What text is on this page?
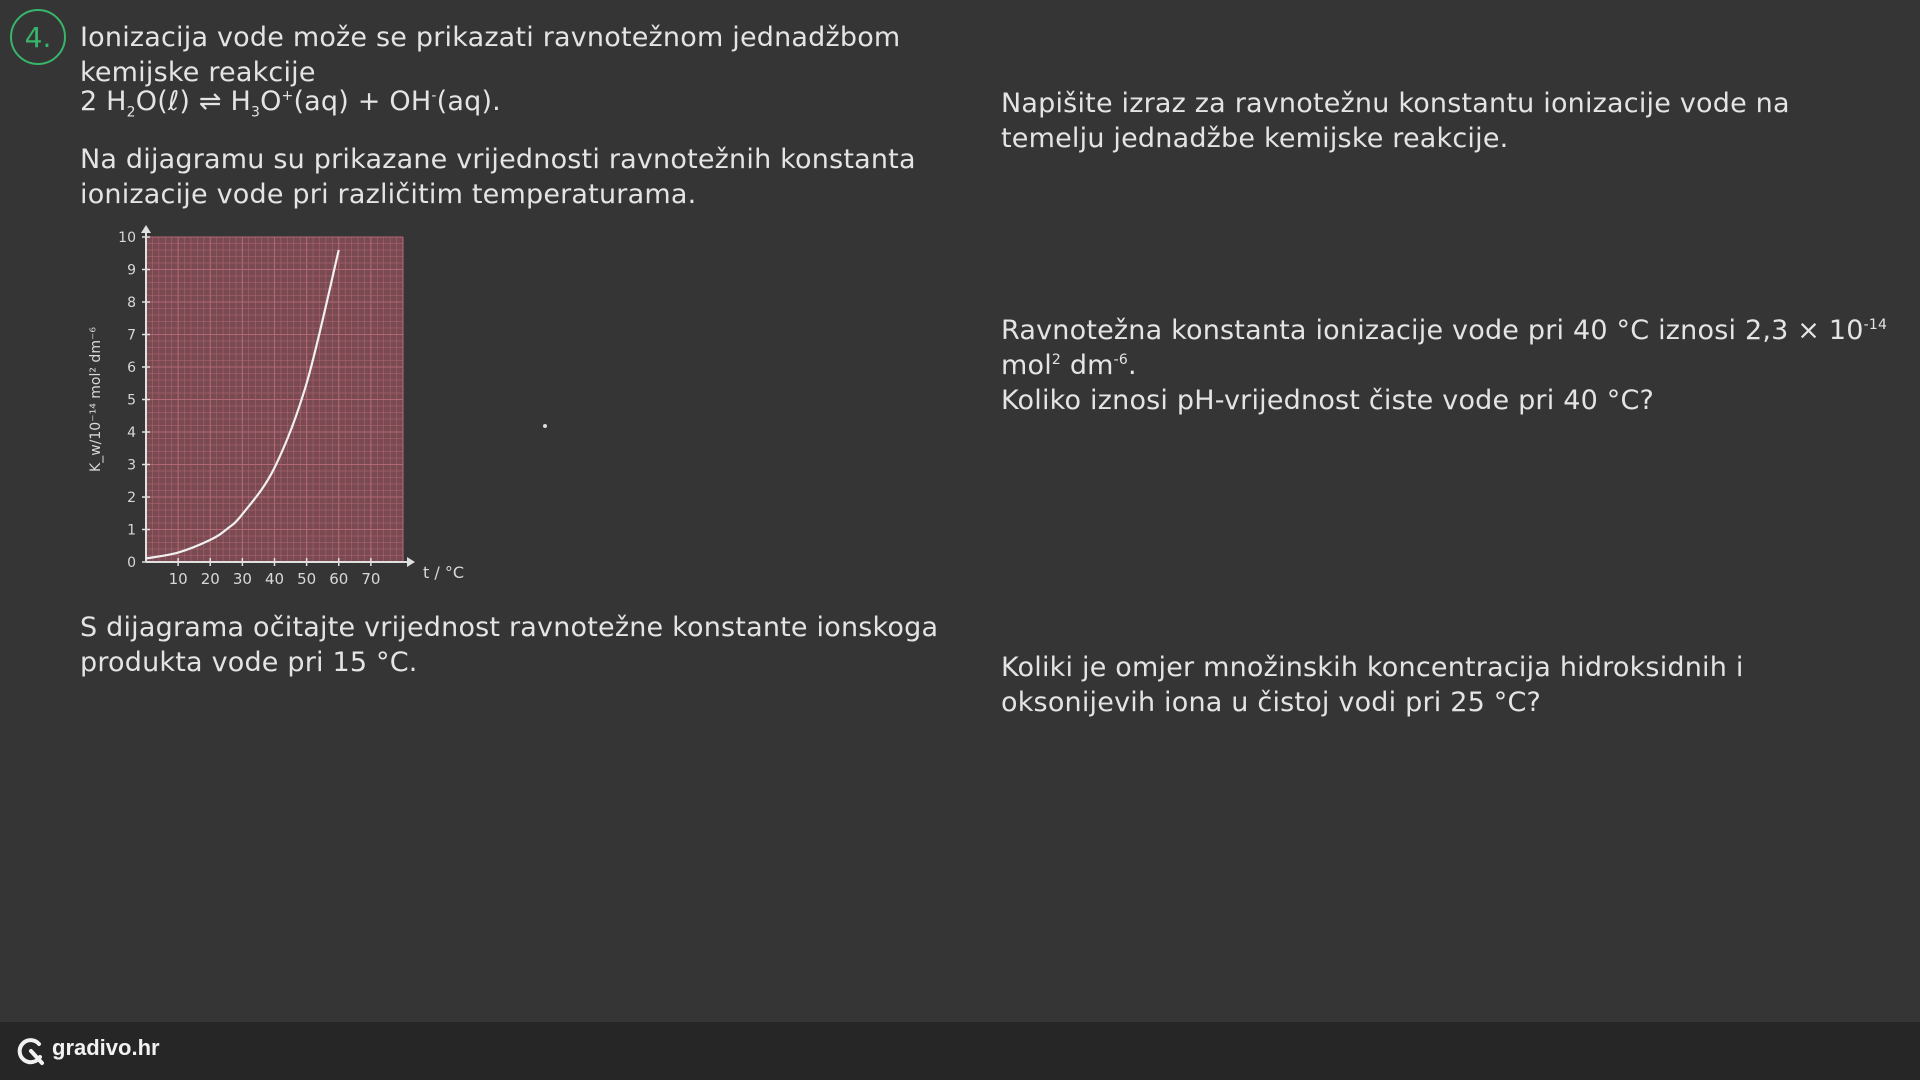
4. Ionizacija vode može se prikazati ravnotežnom jednadžbom kemijske reakcije
2 $H_2O(\ell)$ ⇌ $H_3O^+(aq) + OH^-(aq)$.
Na dijagramu su prikazane vrijednosti ravnotežnih konstanta ionizacije vode pri različitim temperaturama.
10 20 30 40 50 60 70
0
1
2
3
4
5
6
7
8
9
10
t / °C
K_w/10⁻¹⁴ mol² dm⁻⁶
S dijagrama očitajte vrijednost ravnotežne konstante ionskoga produkta vode pri 15 °C.
Napišite izraz za ravnotežnu konstantu ionizacije vode na temelju jednadžbe kemijske reakcije.
Ravnotežna konstanta ionizacije vode pri 40 °C iznosi $2,3 \times 10^{-14}$ mol$^2$ $dm^{-6}$.
Koliko iznosi pH-vrijednost čiste vode pri 40 °C?
Koliki je omjer množinskih koncentracija hidroksidnih i oksonijevih iona u čistoj vodi pri 25 °C?
gradivo.hr
